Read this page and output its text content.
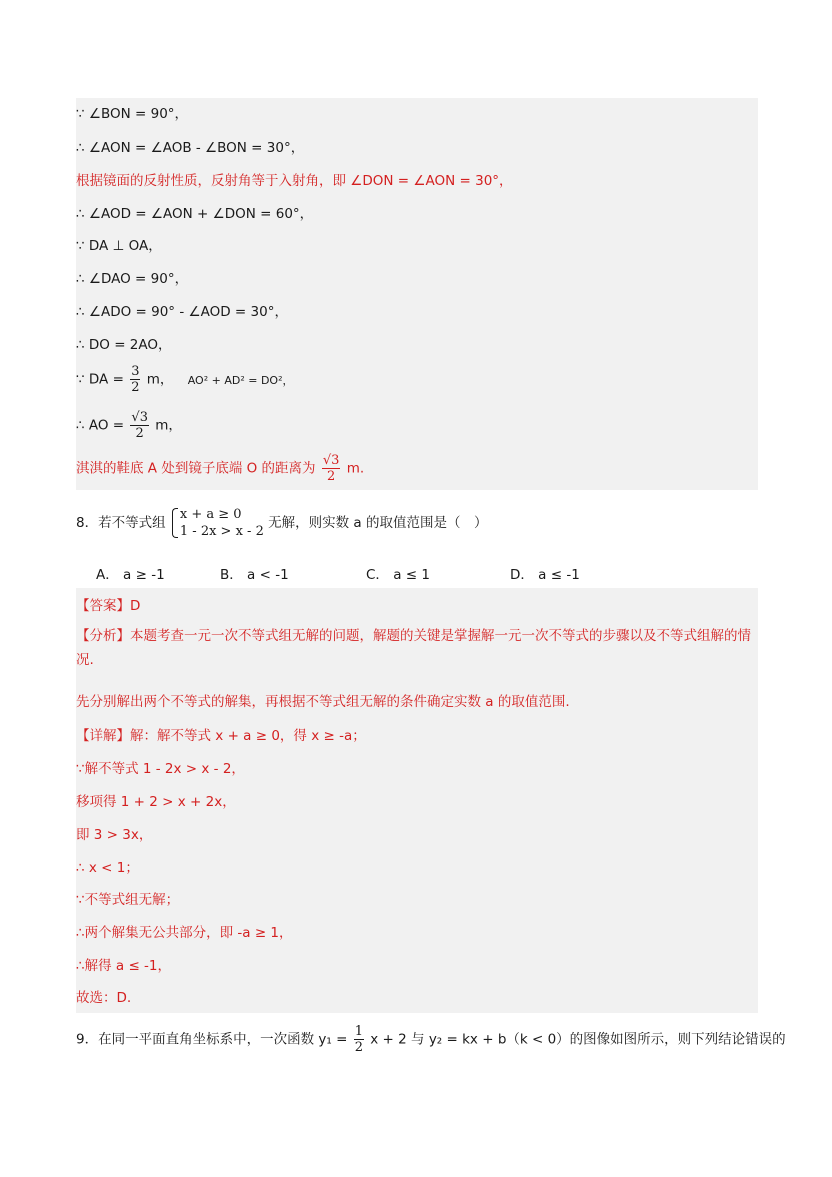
∵ ∠BON = 90°，
∴ ∠AON = ∠AOB - ∠BON = 30°，
根据镜面的反射性质，反射角等于入射角，即 ∠DON = ∠AON = 30°，
∴ ∠AOD = ∠AON + ∠DON = 60°，
∵ DA ⊥ OA，
∴ ∠DAO = 90°，
∴ ∠ADO = 90° - ∠AOD = 30°，
∴ DO = 2AO，
∵ DA = $\frac{3}{2}$ m， AO² + AD² = DO²，
∴ AO = $\frac{√3}{2}$ m，
淇淇的鞋底 A 处到镜子底端 O 的距离为 $\frac{√3}{2} m$.
8．若不等式组
x + a ≥ 0
1 - 2x > x - 2
无解，则实数 a 的取值范围是（　）
A． a ≥ -1	B． a < -1	C． a ≤ 1	D． a ≤ -1
【答案】D
【分析】本题考查一元一次不等式组无解的问题，解题的关键是掌握解一元一次不等式的步骤以及不等式组解的情况.
先分别解出两个不等式的解集，再根据不等式组无解的条件确定实数 a 的取值范围.
【详解】解：解不等式 x + a ≥ 0，得 x ≥ -a；
∵解不等式 1 - 2x > x - 2，
移项得 1 + 2 > x + 2x，
即 3 > 3x，
∴ x < 1；
∵不等式组无解；
∴两个解集无公共部分，即 -a ≥ 1，
∴解得 a ≤ -1，
故选：D.
9．在同一平面直角坐标系中，一次函数 $y_1 = \frac{1}{2}$ x + 2 与 y₂ = kx + b（k < 0）的图像如图所示，则下列结论错误的
